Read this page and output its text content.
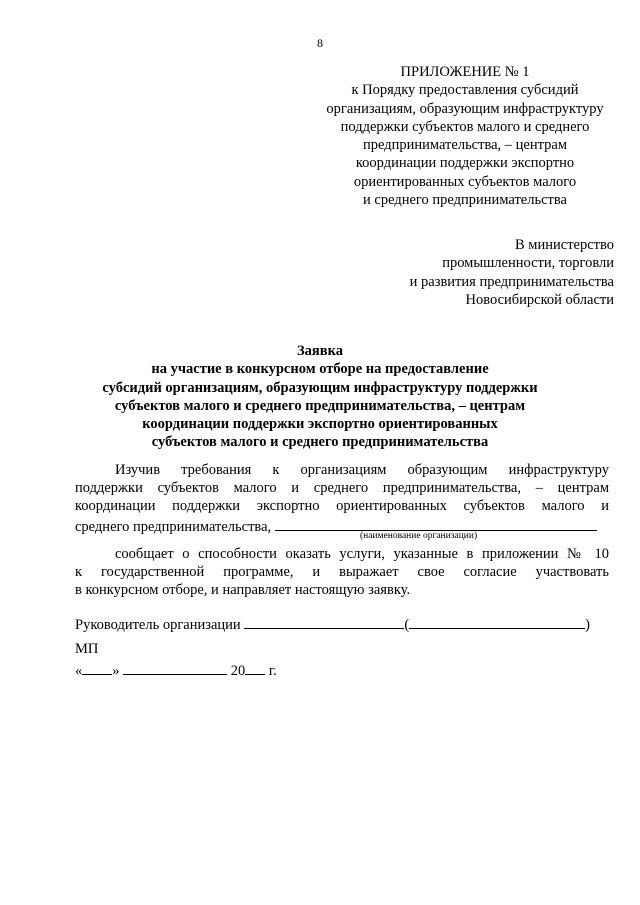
8
ПРИЛОЖЕНИЕ № 1
к Порядку предоставления субсидий
организациям, образующим инфраструктуру
поддержки субъектов малого и среднего
предпринимательства, – центрам
координации поддержки экспортно
ориентированных субъектов малого
и среднего предпринимательства
В министерство
промышленности, торговли
и развития предпринимательства
Новосибирской области
Заявка
на участие в конкурсном отборе на предоставление
субсидий организациям, образующим инфраструктуру поддержки
субъектов малого и среднего предпринимательства, – центрам
координации поддержки экспортно ориентированных
субъектов малого и среднего предпринимательства
Изучив требования к организациям образующим инфраструктуру
поддержки субъектов малого и среднего предпринимательства, – центрам
координации поддержки экспортно ориентированных субъектов малого и
среднего предпринимательства,
(наименование организации)
сообщает о способности оказать услуги, указанные в приложении № 10
к государственной программе, и выражает свое согласие участвовать
в конкурсном отборе, и направляет настоящую заявку.
Руководитель организации	(	)
МП
« »	20 г.
